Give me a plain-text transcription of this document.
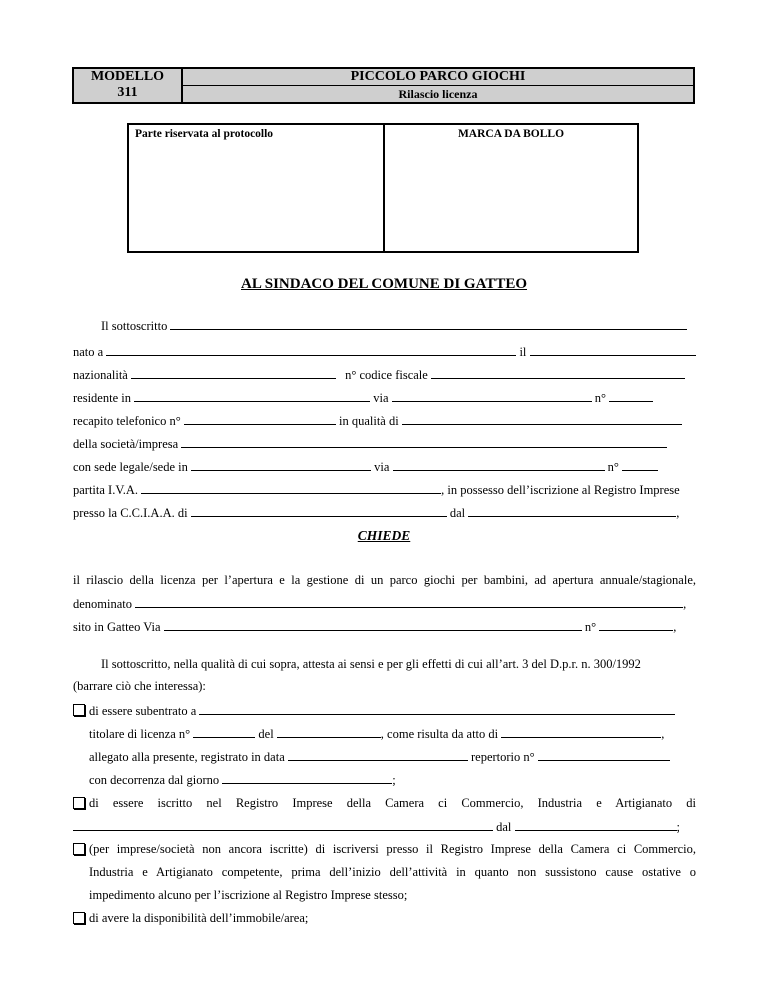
MODELLO
311
PICCOLO PARCO GIOCHI
Rilascio licenza
Parte riservata al protocollo	MARCA DA BOLLO
AL SINDACO DEL COMUNE DI GATTEO
Il sottoscritto
nato a	il
nazionalità	n° codice fiscale
residente in	via	n°
recapito telefonico n°	in qualità di
della società/impresa
con sede legale/sede in	via	n°
partita I.V.A.	, in possesso dell’iscrizione al Registro Imprese
presso la C.C.I.A.A. di	dal	,
CHIEDE
il rilascio della licenza per l’apertura e la gestione di un parco giochi per bambini, ad apertura annuale/stagionale,
denominato	,
sito in Gatteo Via	n°	,
Il sottoscritto, nella qualità di cui sopra, attesta ai sensi e per gli effetti di cui all’art. 3 del D.p.r. n. 300/1992
(barrare ciò che interessa):
di essere subentrato a
titolare di licenza n°	del	, come risulta da atto di	,
allegato alla presente, registrato in data	repertorio n°
con decorrenza dal giorno	;
di essere iscritto nel Registro Imprese della Camera ci Commercio, Industria e Artigianato di
dal	;
(per imprese/società non ancora iscritte) di iscriversi presso il Registro Imprese della Camera ci Commercio,
Industria e Artigianato competente, prima dell’inizio dell’attività in quanto non sussistono cause ostative o
impedimento alcuno per l’iscrizione al Registro Imprese stesso;
di avere la disponibilità dell’immobile/area;
